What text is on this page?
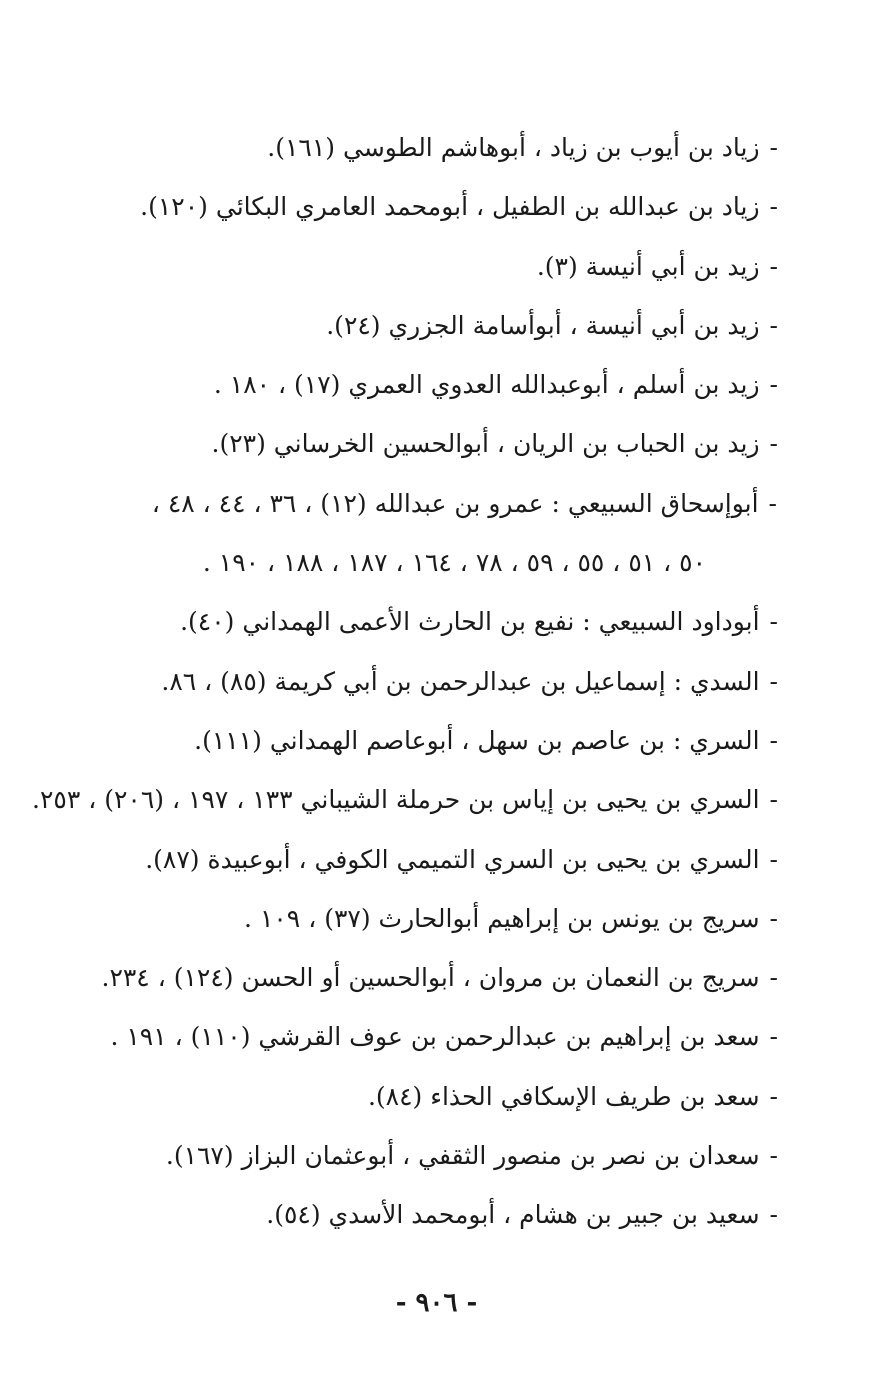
-زياد بن أيوب بن زياد ، أبوهاشم الطوسي (١٦١).

-زياد بن عبدالله بن الطفيل ، أبومحمد العامري البكائي (١٢٠).

-زيد بن أبي أنيسة (٣).

-زيد بن أبي أنيسة ، أبوأسامة الجزري (٢٤).

-زيد بن أسلم ، أبوعبدالله العدوي العمري (١٧) ، ١٨٠ .

-زيد بن الحباب بن الريان ، أبوالحسين الخرساني (٢٣).

-أبوإسحاق السبيعي : عمرو بن عبدالله (١٢) ، ٣٦ ، ٤٤ ، ٤٨ ،

٥٠ ، ٥١ ، ٥٥ ، ٥٩ ، ٧٨ ، ١٦٤ ، ١٨٧ ، ١٨٨ ، ١٩٠ .

-أبوداود السبيعي : نفيع بن الحارث الأعمى الهمداني (٤٠).

-السدي : إسماعيل بن عبدالرحمن بن أبي كريمة (٨٥) ، ٨٦.

-السري : بن عاصم بن سهل ، أبوعاصم الهمداني (١١١).

-السري بن يحيى بن إياس بن حرملة الشيباني ١٣٣ ، ١٩٧ ، (٢٠٦) ، ٢٥٣.

-السري بن يحيى بن السري التميمي الكوفي ، أبوعبيدة (٨٧).

-سريج بن يونس بن إبراهيم أبوالحارث (٣٧) ، ١٠٩ .

-سريج بن النعمان بن مروان ، أبوالحسين أو الحسن (١٢٤) ، ٢٣٤.

-سعد بن إبراهيم بن عبدالرحمن بن عوف القرشي (١١٠) ، ١٩١ .

-سعد بن طريف الإسكافي الحذاء (٨٤).

-سعدان بن نصر بن منصور الثقفي ، أبوعثمان البزاز (١٦٧).

-سعيد بن جبير بن هشام ، أبومحمد الأسدي (٥٤).

- ٩٠٦ -
